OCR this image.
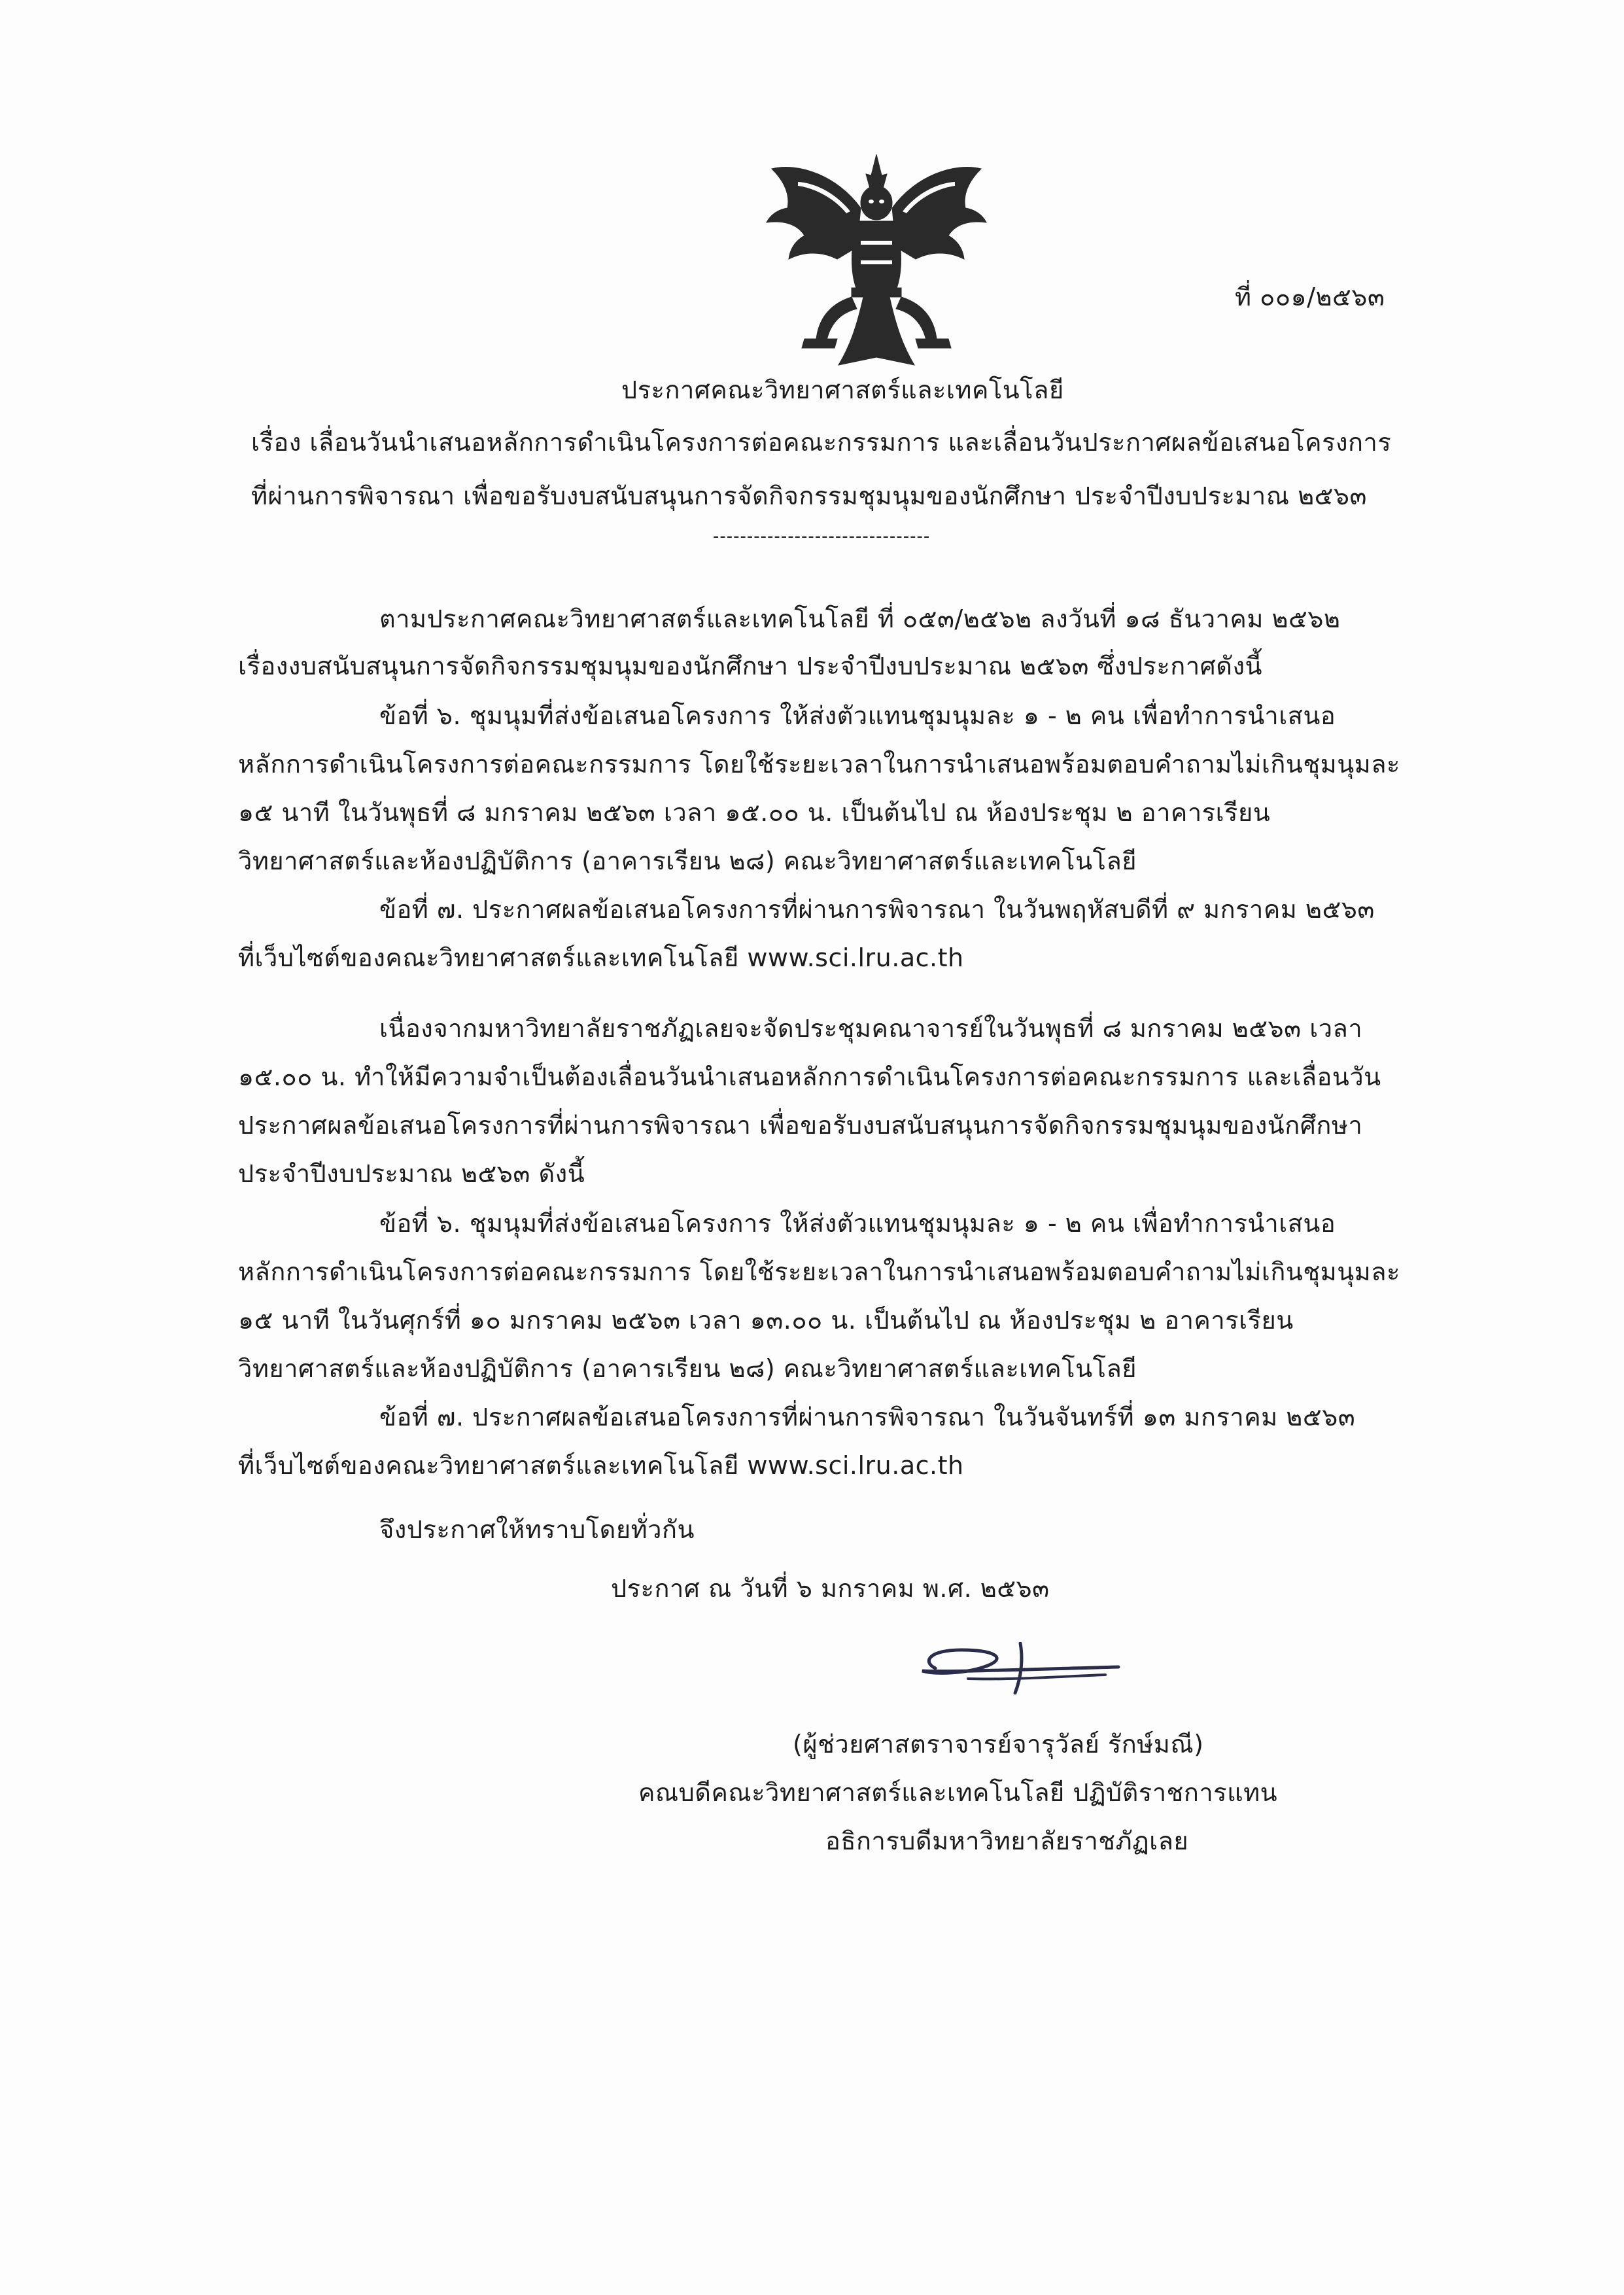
ที่ ๐๐๑/๒๕๖๓
ประกาศคณะวิทยาศาสตร์และเทคโนโลยี
เรื่อง เลื่อนวันนำเสนอหลักการดำเนินโครงการต่อคณะกรรมการ และเลื่อนวันประกาศผลข้อเสนอโครงการ
ที่ผ่านการพิจารณา เพื่อขอรับงบสนับสนุนการจัดกิจกรรมชุมนุมของนักศึกษา ประจำปีงบประมาณ ๒๕๖๓
--------------------------------
ตามประกาศคณะวิทยาศาสตร์และเทคโนโลยี ที่ ๐๕๓/๒๕๖๒ ลงวันที่ ๑๘ ธันวาคม ๒๕๖๒
เรื่องงบสนับสนุนการจัดกิจกรรมชุมนุมของนักศึกษา ประจำปีงบประมาณ ๒๕๖๓ ซึ่งประกาศดังนี้
ข้อที่ ๖. ชุมนุมที่ส่งข้อเสนอโครงการ ให้ส่งตัวแทนชุมนุมละ ๑ - ๒ คน เพื่อทำการนำเสนอ
หลักการดำเนินโครงการต่อคณะกรรมการ โดยใช้ระยะเวลาในการนำเสนอพร้อมตอบคำถามไม่เกินชุมนุมละ
๑๕ นาที ในวันพุธที่ ๘ มกราคม ๒๕๖๓ เวลา ๑๕.๐๐ น. เป็นต้นไป ณ ห้องประชุม ๒ อาคารเรียน
วิทยาศาสตร์และห้องปฏิบัติการ (อาคารเรียน ๒๘) คณะวิทยาศาสตร์และเทคโนโลยี
ข้อที่ ๗. ประกาศผลข้อเสนอโครงการที่ผ่านการพิจารณา ในวันพฤหัสบดีที่ ๙ มกราคม ๒๕๖๓
ที่เว็บไซต์ของคณะวิทยาศาสตร์และเทคโนโลยี www.sci.lru.ac.th
เนื่องจากมหาวิทยาลัยราชภัฏเลยจะจัดประชุมคณาจารย์ในวันพุธที่ ๘ มกราคม ๒๕๖๓ เวลา
๑๕.๐๐ น. ทำให้มีความจำเป็นต้องเลื่อนวันนำเสนอหลักการดำเนินโครงการต่อคณะกรรมการ และเลื่อนวัน
ประกาศผลข้อเสนอโครงการที่ผ่านการพิจารณา เพื่อขอรับงบสนับสนุนการจัดกิจกรรมชุมนุมของนักศึกษา
ประจำปีงบประมาณ ๒๕๖๓ ดังนี้
ข้อที่ ๖. ชุมนุมที่ส่งข้อเสนอโครงการ ให้ส่งตัวแทนชุมนุมละ ๑ - ๒ คน เพื่อทำการนำเสนอ
หลักการดำเนินโครงการต่อคณะกรรมการ โดยใช้ระยะเวลาในการนำเสนอพร้อมตอบคำถามไม่เกินชุมนุมละ
๑๕ นาที ในวันศุกร์ที่ ๑๐ มกราคม ๒๕๖๓ เวลา ๑๓.๐๐ น. เป็นต้นไป ณ ห้องประชุม ๒ อาคารเรียน
วิทยาศาสตร์และห้องปฏิบัติการ (อาคารเรียน ๒๘) คณะวิทยาศาสตร์และเทคโนโลยี
ข้อที่ ๗. ประกาศผลข้อเสนอโครงการที่ผ่านการพิจารณา ในวันจันทร์ที่ ๑๓ มกราคม ๒๕๖๓
ที่เว็บไซต์ของคณะวิทยาศาสตร์และเทคโนโลยี www.sci.lru.ac.th
จึงประกาศให้ทราบโดยทั่วกัน
ประกาศ ณ วันที่ ๖ มกราคม พ.ศ. ๒๕๖๓
(ผู้ช่วยศาสตราจารย์จารุวัลย์ รักษ์มณี)
คณบดีคณะวิทยาศาสตร์และเทคโนโลยี ปฏิบัติราชการแทน
อธิการบดีมหาวิทยาลัยราชภัฏเลย
